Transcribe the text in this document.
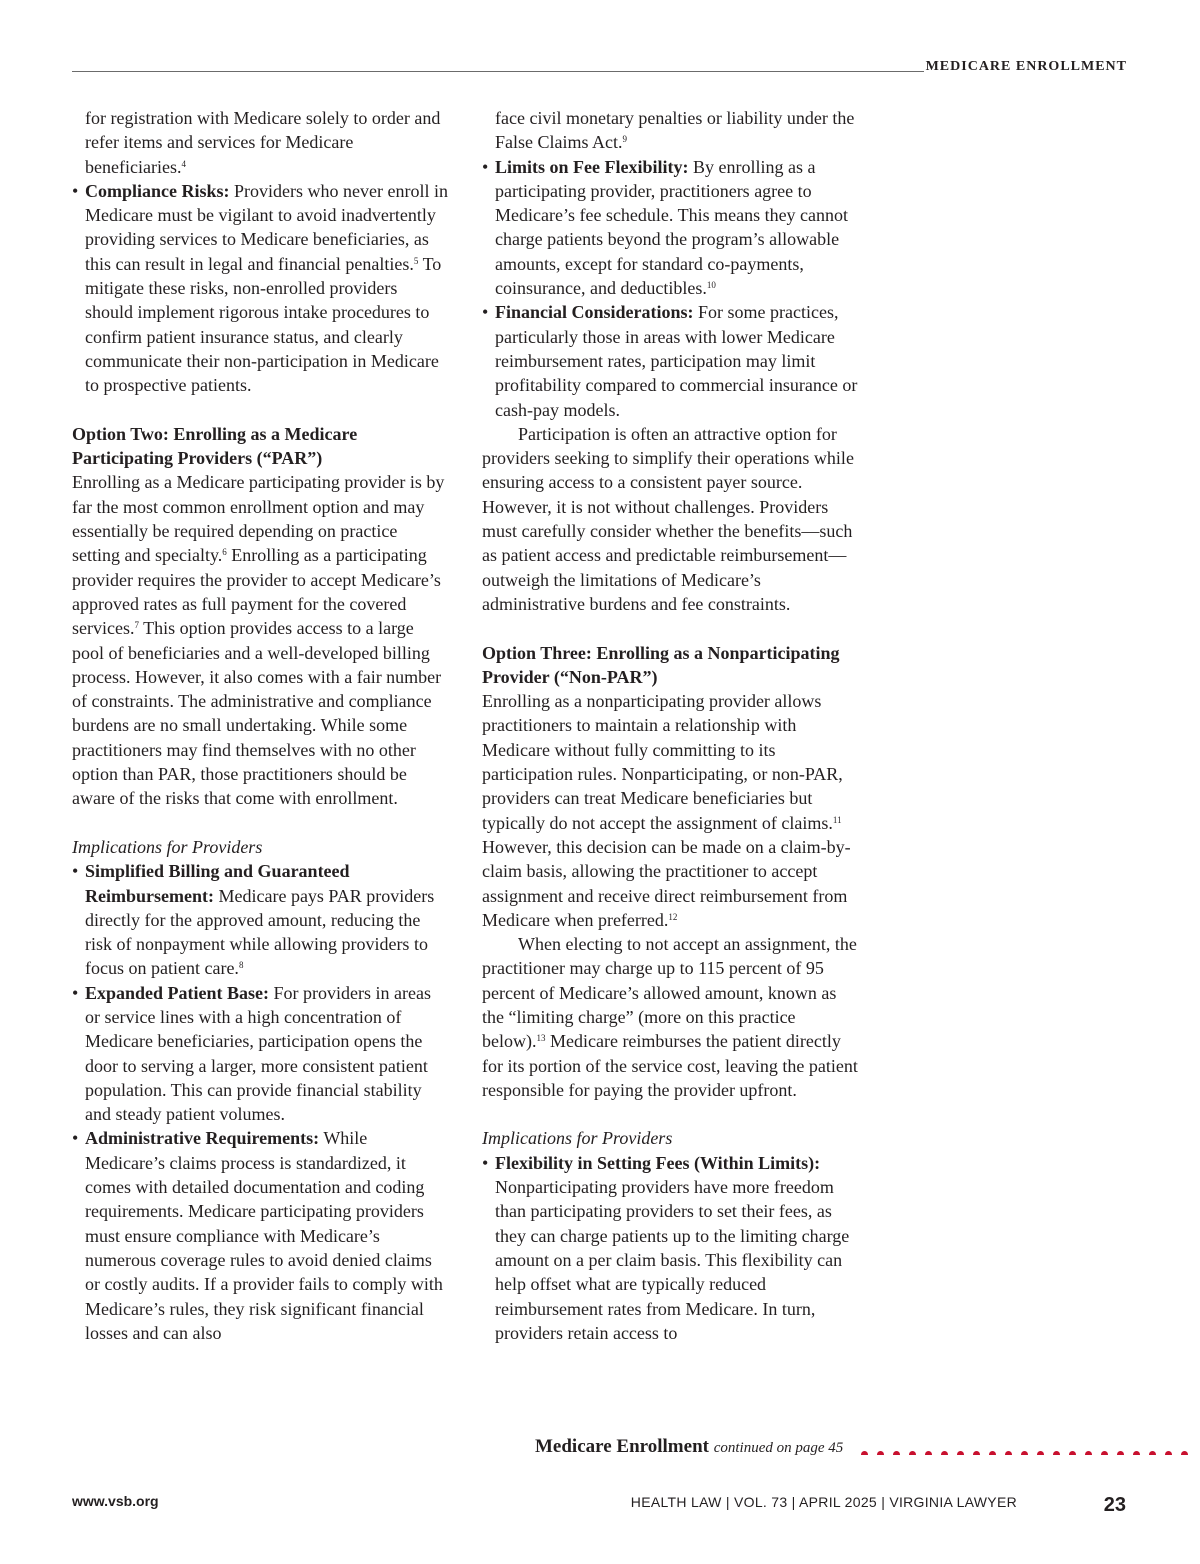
MEDICARE ENROLLMENT

for registration with Medicare solely to order and refer items and services for Medicare beneficiaries.$^4$

• Compliance Risks: Providers who never enroll in Medicare must be vigilant to avoid inadvertently providing services to Medicare beneficiaries, as this can result in legal and financial penalties.$^5$ To mitigate these risks, non-enrolled providers should implement rigorous intake procedures to confirm patient insurance status, and clearly communicate their non-participation in Medicare to prospective patients.
Option Two: Enrolling as a Medicare Participating Providers (“PAR”)

Enrolling as a Medicare participating provider is by far the most common enrollment option and may essentially be required depending on practice setting and specialty.$^6$ Enrolling as a participating provider requires the provider to accept Medicare’s approved rates as full payment for the covered services.$^7$ This option provides access to a large pool of beneficiaries and a well-developed billing process. However, it also comes with a fair number of constraints. The administrative and compliance burdens are no small undertaking. While some practitioners may find themselves with no other option than PAR, those practitioners should be aware of the risks that come with enrollment.

Implications for Providers

• Simplified Billing and Guaranteed Reimbursement: Medicare pays PAR providers directly for the approved amount, reducing the risk of nonpayment while allowing providers to focus on patient care.$^8$
• Expanded Patient Base: For providers in areas or service lines with a high concentration of Medicare beneficiaries, participation opens the door to serving a larger, more consistent patient population. This can provide financial stability and steady patient volumes.
• Administrative Requirements: While Medicare’s claims process is standardized, it comes with detailed documentation and coding requirements. Medicare participating providers must ensure compliance with Medicare’s numerous coverage rules to avoid denied claims or costly audits. If a provider fails to comply with Medicare’s rules, they risk significant financial losses and can also

face civil monetary penalties or liability under the False Claims Act.$^9$

• Limits on Fee Flexibility: By enrolling as a participating provider, practitioners agree to Medicare’s fee schedule. This means they cannot charge patients beyond the program’s allowable amounts, except for standard co-payments, coinsurance, and deductibles.$^{10}$
• Financial Considerations: For some practices, particularly those in areas with lower Medicare reimbursement rates, participation may limit profitability compared to commercial insurance or cash-pay models.

Participation is often an attractive option for providers seeking to simplify their operations while ensuring access to a consistent payer source. However, it is not without challenges. Providers must carefully consider whether the benefits—such as patient access and predictable reimbursement—outweigh the limitations of Medicare’s administrative burdens and fee constraints.

Option Three: Enrolling as a Nonparticipating Provider (“Non-PAR”)

Enrolling as a nonparticipating provider allows practitioners to maintain a relationship with Medicare without fully committing to its participation rules. Nonparticipating, or non-PAR, providers can treat Medicare beneficiaries but typically do not accept the assignment of claims.$^{11}$ However, this decision can be made on a claim-by-claim basis, allowing the practitioner to accept assignment and receive direct reimbursement from Medicare when preferred.$^{12}$

When electing to not accept an assignment, the practitioner may charge up to 115 percent of 95 percent of Medicare’s allowed amount, known as the “limiting charge” (more on this practice below).$^{13}$ Medicare reimburses the patient directly for its portion of the service cost, leaving the patient responsible for paying the provider upfront.

Implications for Providers

• Flexibility in Setting Fees (Within Limits): Nonparticipating providers have more freedom than participating providers to set their fees, as they can charge patients up to the limiting charge amount on a per claim basis. This flexibility can help offset what are typically reduced reimbursement rates from Medicare. In turn, providers retain access to
Medicare Enrollment continued on page 45
www.vsb.org	HEALTH LAW | VOL. 73 | APRIL 2025 | VIRGINIA LAWYER	23
